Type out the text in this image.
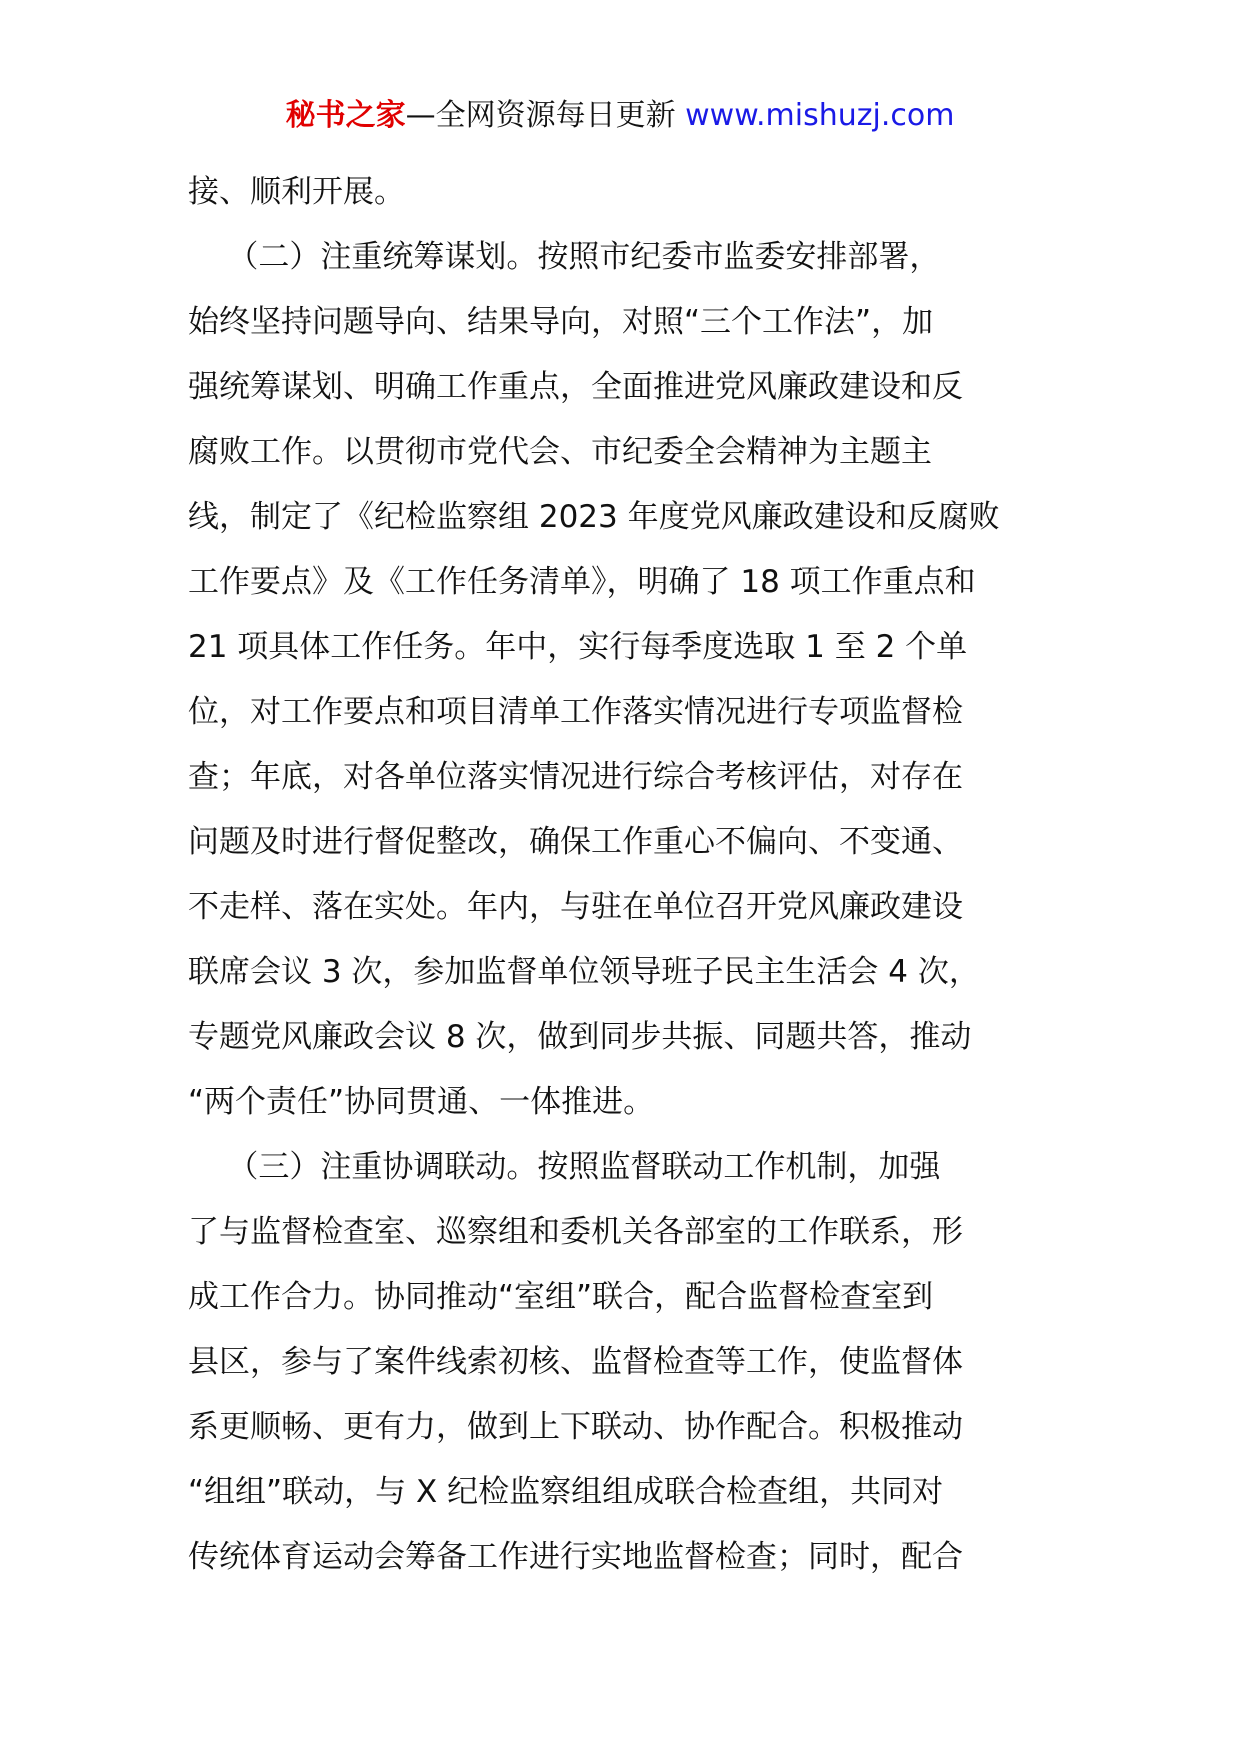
秘书之家—全网资源每日更新 www.mishuzj.com
接、顺利开展。
（二）注重统筹谋划。按照市纪委市监委安排部署，
始终坚持问题导向、结果导向，对照“三个工作法”，加
强统筹谋划、明确工作重点，全面推进党风廉政建设和反
腐败工作。以贯彻市党代会、市纪委全会精神为主题主
线，制定了《纪检监察组 2023 年度党风廉政建设和反腐败
工作要点》及《工作任务清单》，明确了 18 项工作重点和
21 项具体工作任务。年中，实行每季度选取 1 至 2 个单
位，对工作要点和项目清单工作落实情况进行专项监督检
查；年底，对各单位落实情况进行综合考核评估，对存在
问题及时进行督促整改，确保工作重心不偏向、不变通、
不走样、落在实处。年内，与驻在单位召开党风廉政建设
联席会议 3 次，参加监督单位领导班子民主生活会 4 次，
专题党风廉政会议 8 次，做到同步共振、同题共答，推动
“两个责任”协同贯通、一体推进。
（三）注重协调联动。按照监督联动工作机制，加强
了与监督检查室、巡察组和委机关各部室的工作联系，形
成工作合力。协同推动“室组”联合，配合监督检查室到
县区，参与了案件线索初核、监督检查等工作，使监督体
系更顺畅、更有力，做到上下联动、协作配合。积极推动
“组组”联动，与 X 纪检监察组组成联合检查组，共同对
传统体育运动会筹备工作进行实地监督检查；同时，配合
